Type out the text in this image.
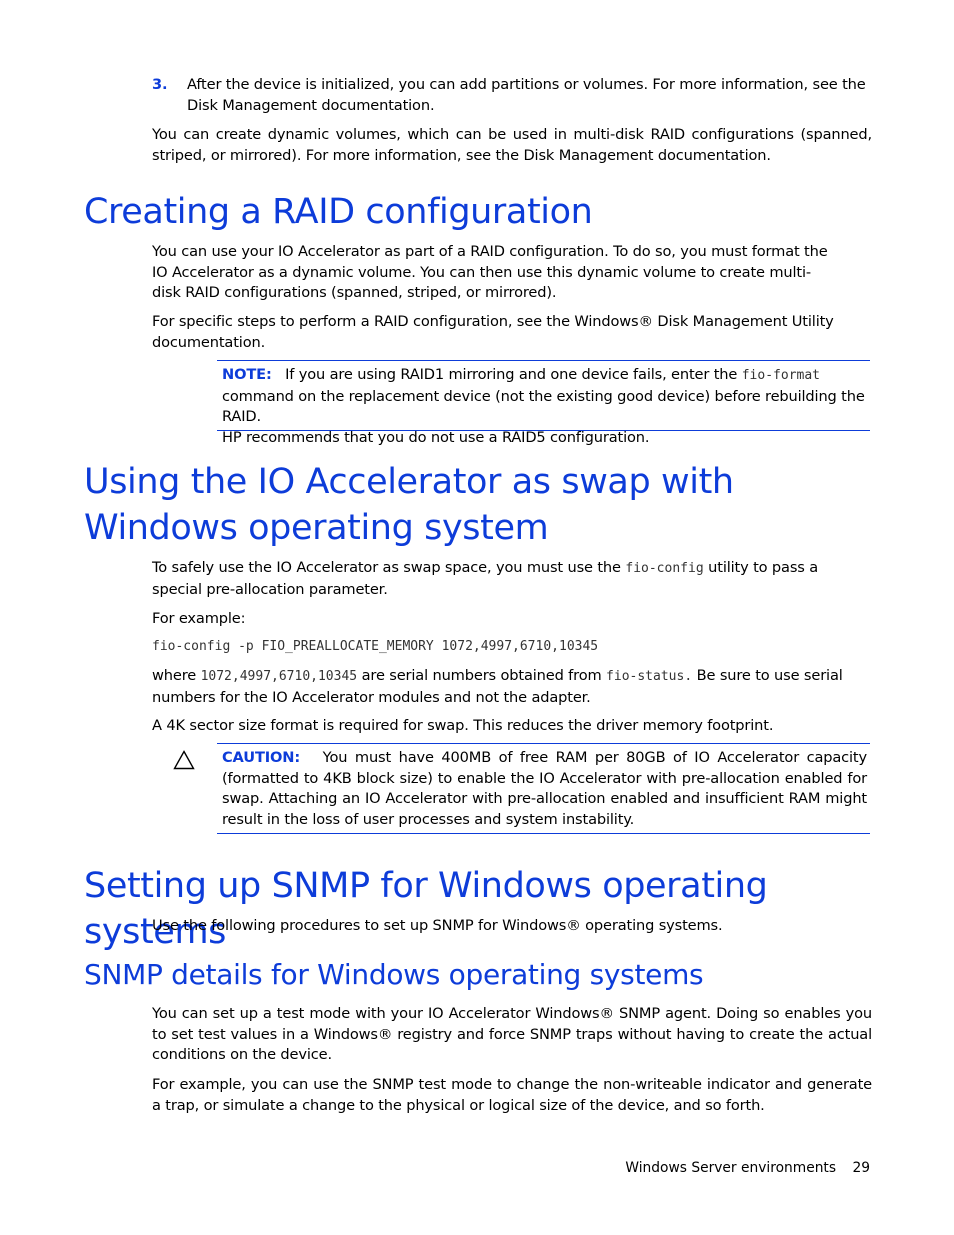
3. After the device is initialized, you can add partitions or volumes. For more information, see the Disk Management documentation.

You can create dynamic volumes, which can be used in multi-disk RAID configurations (spanned, striped, or mirrored). For more information, see the Disk Management documentation.

Creating a RAID configuration

You can use your IO Accelerator as part of a RAID configuration. To do so, you must format the IO Accelerator as a dynamic volume. You can then use this dynamic volume to create multi-disk RAID configurations (spanned, striped, or mirrored).

For specific steps to perform a RAID configuration, see the Windows® Disk Management Utility documentation.

NOTE: If you are using RAID1 mirroring and one device fails, enter the fio-format command on the replacement device (not the existing good device) before rebuilding the RAID.

HP recommends that you do not use a RAID5 configuration.

Using the IO Accelerator as swap with Windows operating system

To safely use the IO Accelerator as swap space, you must use the fio-config utility to pass a special pre-allocation parameter.

For example:

fio-config -p FIO_PREALLOCATE_MEMORY 1072,4997,6710,10345

where 1072,4997,6710,10345 are serial numbers obtained from fio-status. Be sure to use serial numbers for the IO Accelerator modules and not the adapter.

A 4K sector size format is required for swap. This reduces the driver memory footprint.

CAUTION: You must have 400MB of free RAM per 80GB of IO Accelerator capacity (formatted to 4KB block size) to enable the IO Accelerator with pre-allocation enabled for swap. Attaching an IO Accelerator with pre-allocation enabled and insufficient RAM might result in the loss of user processes and system instability.

Setting up SNMP for Windows operating systems

Use the following procedures to set up SNMP for Windows® operating systems.

SNMP details for Windows operating systems

You can set up a test mode with your IO Accelerator Windows® SNMP agent. Doing so enables you to set test values in a Windows® registry and force SNMP traps without having to create the actual conditions on the device.

For example, you can use the SNMP test mode to change the non-writeable indicator and generate a trap, or simulate a change to the physical or logical size of the device, and so forth.

Windows Server environments 29
